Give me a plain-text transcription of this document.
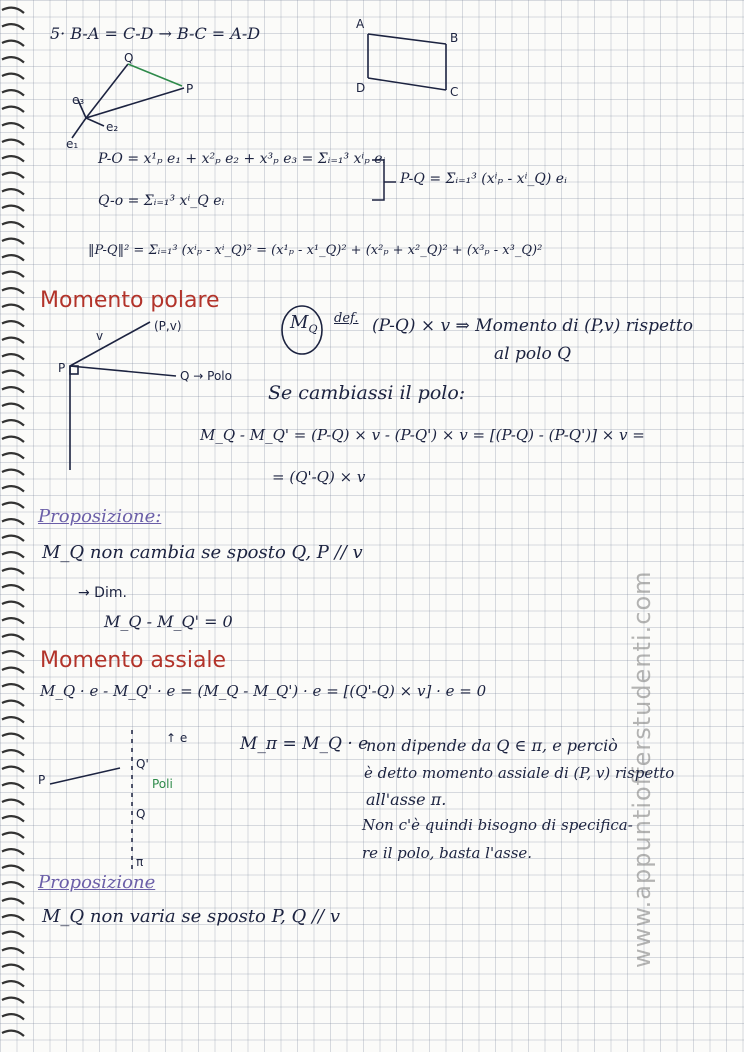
www.appuntiofferstudenti.com
5· B-A = C-D → B-C = A-D
Q
P
e₃
e₂
e₁
A
B
C
D
(P,v)
v
P
Q → Polo
P
↑ e
Q'
Poli
Q
π
P-O = x¹ₚ e₁ + x²ₚ e₂ + x³ₚ e₃ = Σᵢ₌₁³ xⁱₚ eᵢ
Q-o = Σᵢ₌₁³ xⁱ_Q eᵢ
P-Q = Σᵢ₌₁³ (xⁱₚ - xⁱ_Q) eᵢ
‖P-Q‖² = Σᵢ₌₁³ (xⁱₚ - xⁱ_Q)² = (x¹ₚ - x¹_Q)² + (x²ₚ + x²_Q)² + (x³ₚ - x³_Q)²
Momento polare
$M_Q$
def. (P-Q) × v ⇒ Momento di (P,v) rispetto
al polo Q
Se cambiassi il polo:
M_Q - M_Q' = (P-Q) × v - (P-Q') × v = [(P-Q) - (P-Q')] × v =
= (Q'-Q) × v
Proposizione:
M_Q non cambia se sposto Q, P // v
→ Dim.
M_Q - M_Q' = 0
Momento assiale
M_Q · e - M_Q' · e = (M_Q - M_Q') · e = [(Q'-Q) × v] · e = 0
M_π = M_Q · e
non dipende da Q ∈ π, e perciò
è detto momento assiale di (P, v) rispetto
all'asse π.
Non c'è quindi bisogno di specifica-
re il polo, basta l'asse.
Proposizione
M_Q non varia se sposto P, Q // v
